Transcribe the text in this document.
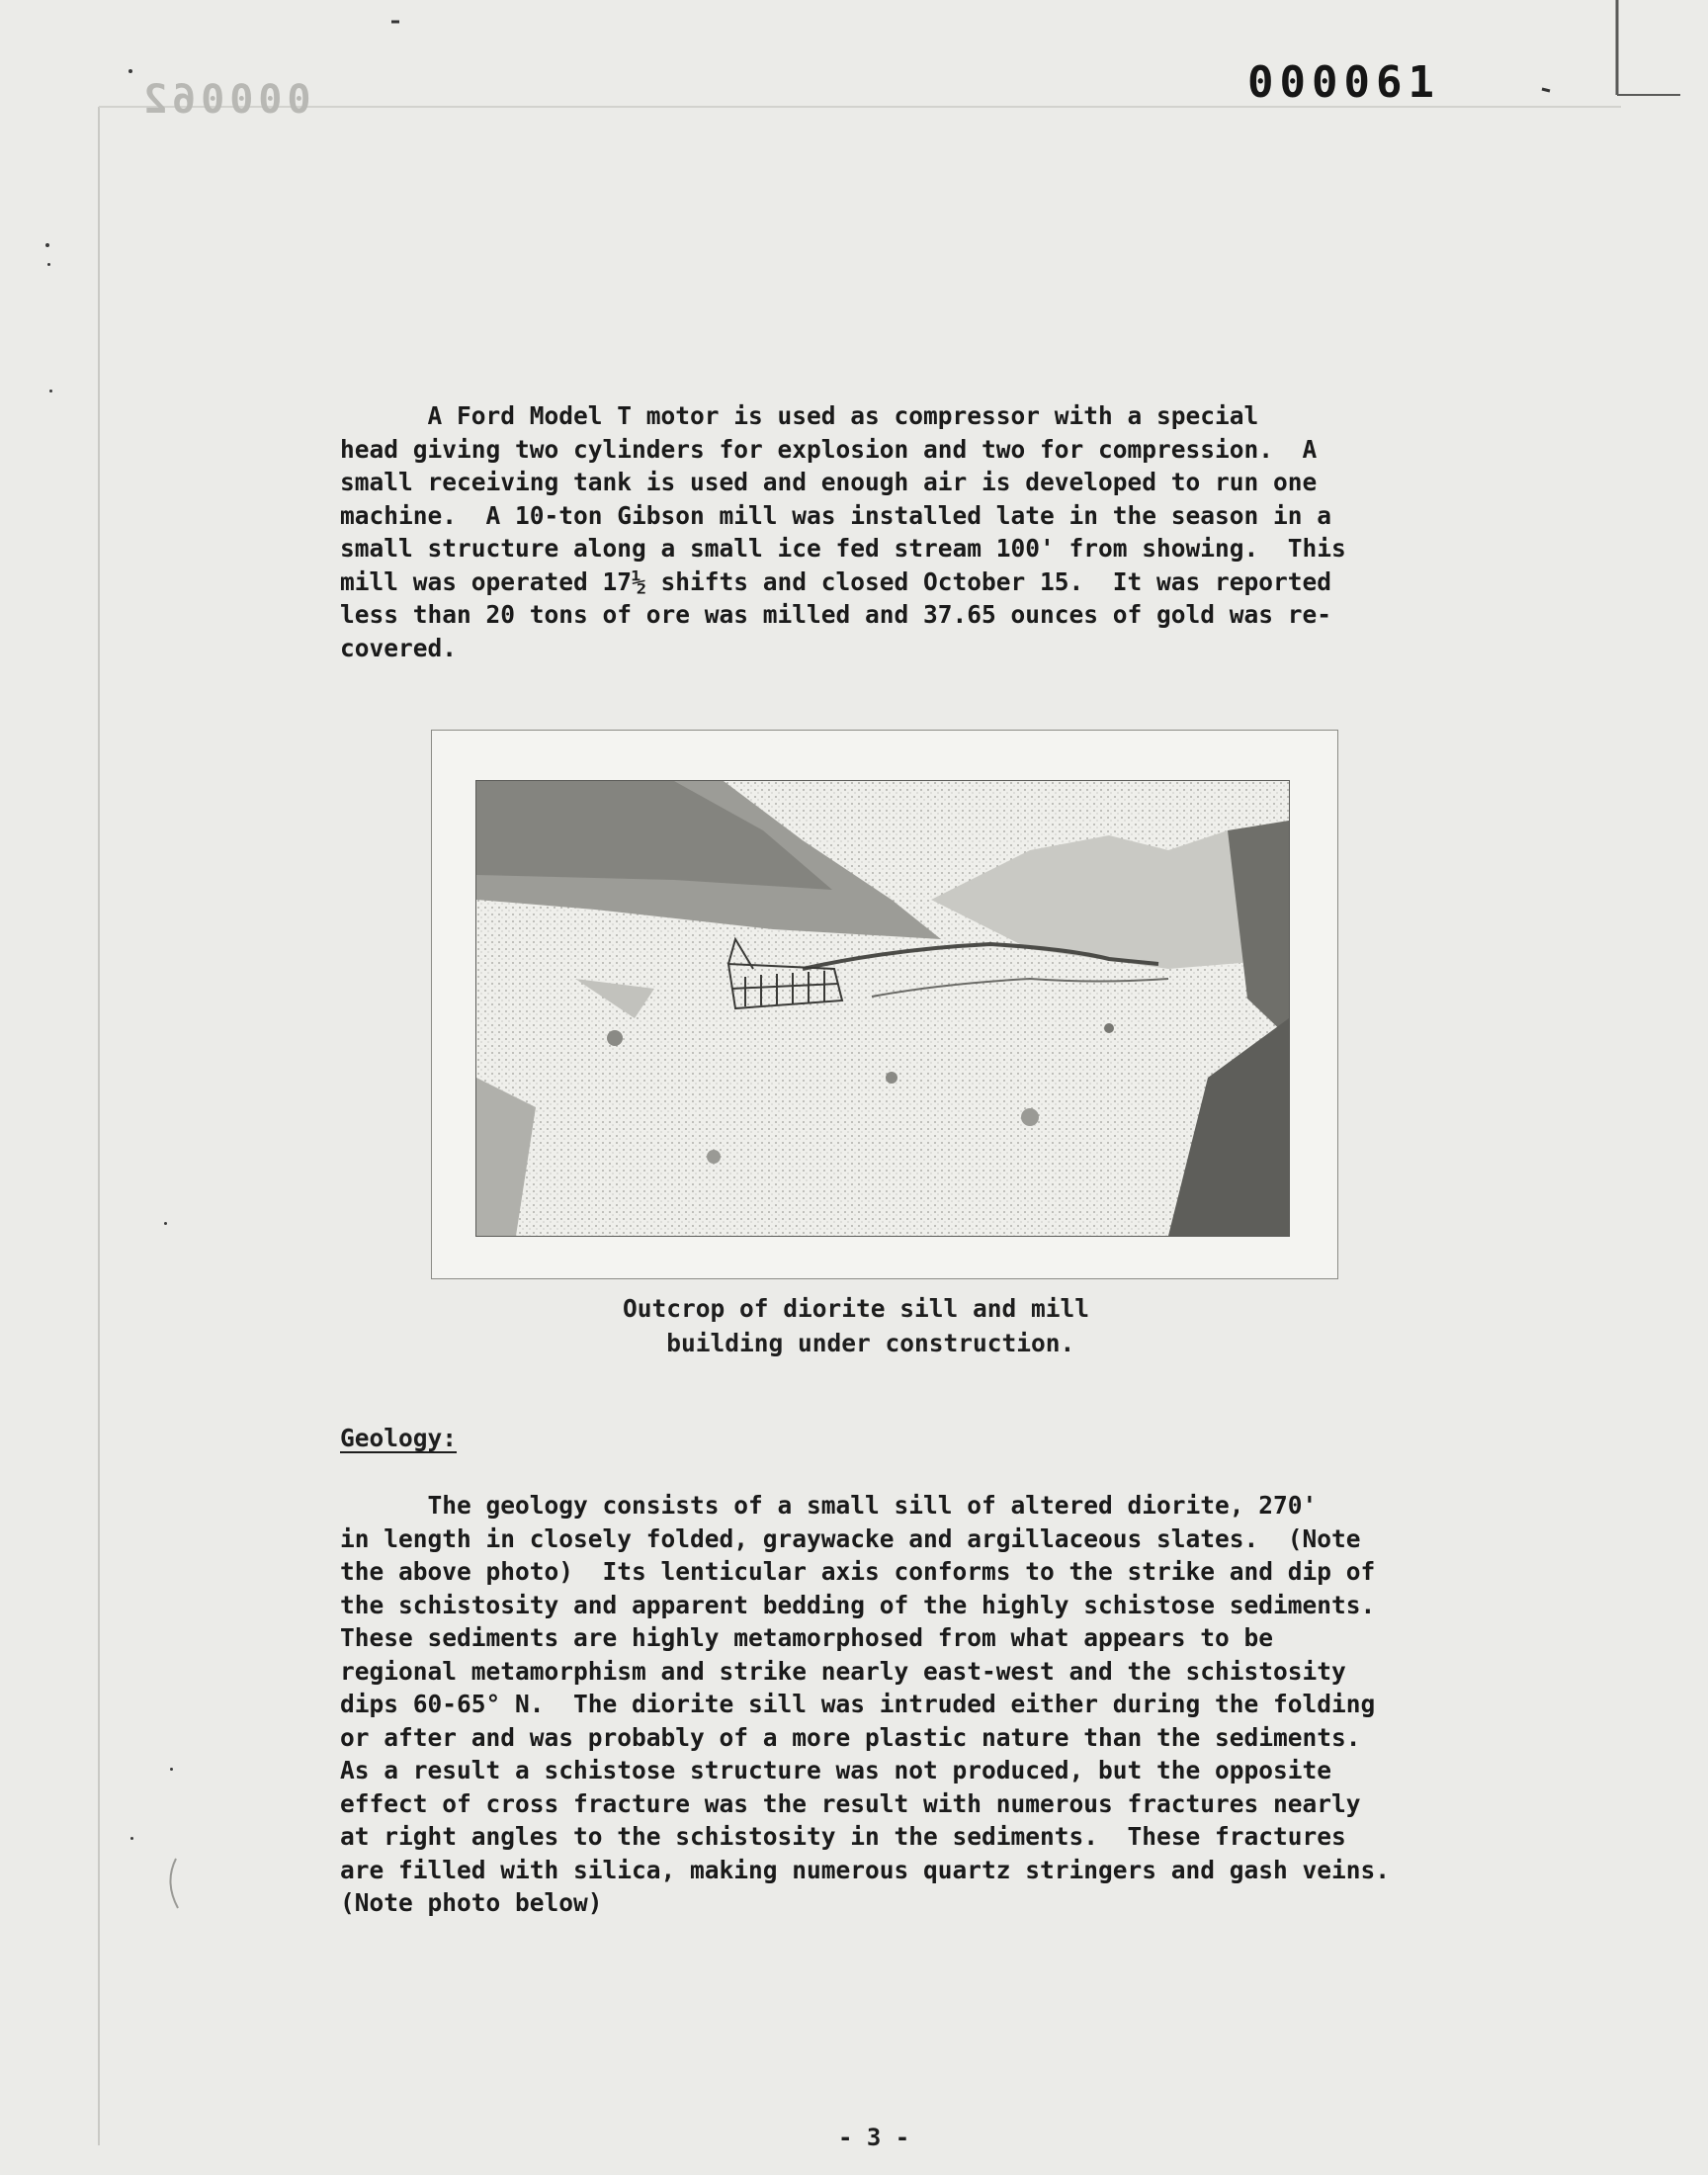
000062	000061
A Ford Model T motor is used as compressor with a special
head giving two cylinders for explosion and two for compression.  A
small receiving tank is used and enough air is developed to run one
machine.  A 10-ton Gibson mill was installed late in the season in a
small structure along a small ice fed stream 100' from showing.  This
mill was operated 17½ shifts and closed October 15.  It was reported
less than 20 tons of ore was milled and 37.65 ounces of gold was re-
covered.
Outcrop of diorite sill and mill
building under construction.
Geology:
The geology consists of a small sill of altered diorite, 270'
in length in closely folded, graywacke and argillaceous slates.  (Note
the above photo)  Its lenticular axis conforms to the strike and dip of
the schistosity and apparent bedding of the highly schistose sediments.
These sediments are highly metamorphosed from what appears to be
regional metamorphism and strike nearly east-west and the schistosity
dips 60-65° N.  The diorite sill was intruded either during the folding
or after and was probably of a more plastic nature than the sediments.
As a result a schistose structure was not produced, but the opposite
effect of cross fracture was the result with numerous fractures nearly
at right angles to the schistosity in the sediments.  These fractures
are filled with silica, making numerous quartz stringers and gash veins.
(Note photo below)
- 3 -
